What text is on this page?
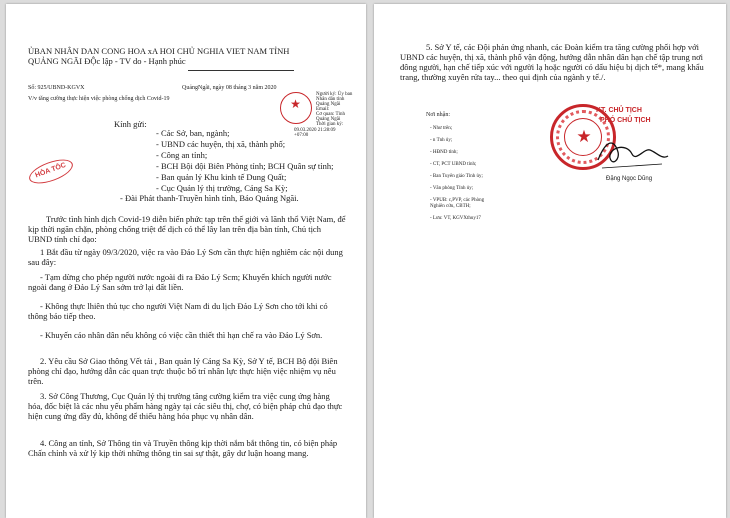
ỦBAN NHÂN DAN CONG HOA xA HOI CHỦ NGHIA VIET NAM TỈNH
QUẢNG NGÃI ĐỘc lập - TV do - Hạnh phúc
Số: 925/UBND-KGVX	QuảngNgãi, ngày 08 tháng 3 năm 2020
V/v tăng cường thực hiện việc phòng chống dịch Covid-19	★
Người ký: Ủy ban
Nhân dân tỉnh
Quảng Ngãi
Email:
Cơ quan: Tỉnh
Quảng Ngãi
Thời gian ký:
09.03.2020 21:28:09
+07:00
Kính gửi:
- Các Sở, ban, ngành;
- UBND các huyện, thị xã, thành phố;
- Công an tỉnh;
- BCH Bội đội Biên Phòng tỉnh; BCH Quân sự tỉnh;
- Ban quản lý Khu kinh tế Dung Quất;
- Cục Quản lý thị trường, Cảng Sa Kỳ;
- Đài Phát thanh-Truyền hình tỉnh, Báo Quảng Ngãi.
HỎA TỐC
Trước tình hình dịch Covid-19 diễn biến phức tạp trên thế giới và lãnh thổ Việt Nam, để kịp thời ngăn chặn, phòng chống triệt để dịch có thể lây lan trên địa bàn tỉnh, Chủ tịch UBND tỉnh chỉ đạo:
1 Bắt đầu từ ngày 09/3/2020, việc ra vào Đảo Lý Sơn cần thực hiện nghiêm các nội dung sau đây:
- Tạm dừng cho phép người nước ngoài đi ra Đảo Lý Scm; Khuyến khích người nước ngoài đang ở Đảo Lý San sớm trở lại đất liền.
- Không thực lhiên thủ tục cho người Việt Nam đi du lịch Đảo Lý Sơn cho tới khi có thông báo tiếp theo.
- Khuyến cáo nhân dân nếu không có việc cần thiết thì hạn chế ra vào Đảo Lý Sơn.
2. Yêu cầu Sở Giao thông Vết tải , Ban quản lý Cảng Sa Kỳ, Sở Y tế, BCH Bộ đội Biên phòng chỉ đạo, hướng dẫn các quan trực thuộc bố trí nhân lực thực hiện việc nhiệm vụ nêu trên.
3. Sở Công Thương, Cục Quản lý thị trường tăng cường kiểm tra việc cung ứng hàng hóa, đốc biệt là các nhu yếu phẩm hàng ngày tại các siêu thị, chợ, có biện pháp chủ đạo thực hiện cung ứng đầy đủ, không để thiếu hàng hóa phục vụ nhân dân.
4. Công an tỉnh, Sở Thông tin và Truyền thông kịp thời nắm bắt thông tin, có biện pháp Chấn chỉnh và xử lý kịp thời những thông tin sai sự thật, gây dư luận hoang mang.
5. Sở Y tế, các Đội phản ứng nhanh, các Đoàn kiểm tra tăng cường phối hợp với UBND các huyện, thị xã, thành phố vận động, hướng dẫn nhân dân hạn chế tập trung nơi đông người, hạn chế tiếp xúc với người lạ hoặc người có dấu hiệu bị dịch tế*, mang khẩu trang, thường xuyên rửa tay... theo qui định của ngành y tế./.
Nơi nhận:
- Như trên;
- n Tnh ủy;
- HĐND tỉnh;
- CT, PCT UBND tỉnh;
- Ban Tuyên giáo Tỉnh ủy;
- Văn phòng Tỉnh ủy;
- VPUB: c,PVP, các Phòng
Nghiên cứu, CBTH;
- Lưu: VT, KGVXthuy17
★
KT. CHỦ TỊCH
PHÓ CHỦ TỊCH
Đặng Ngọc Dũng
